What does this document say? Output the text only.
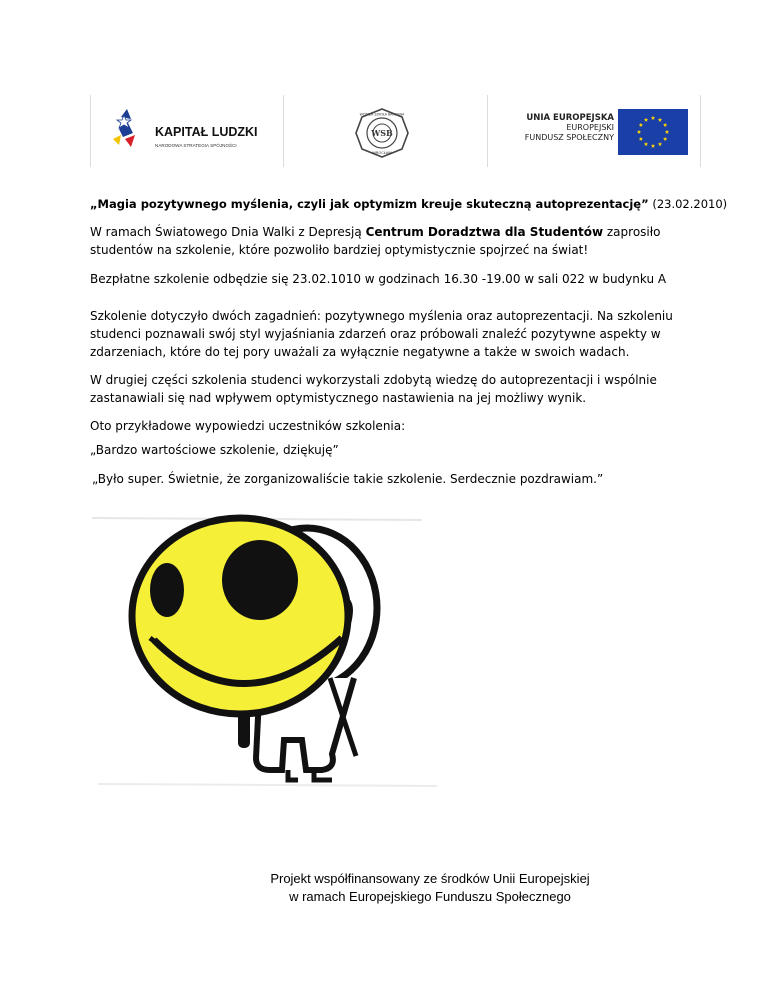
KAPITAŁ LUDZKI
NARODOWA STRATEGIA SPÓJNOŚCI
WSB
WYŻSZA SZKOŁA BANKOWA
WROCŁAW
UNIA EUROPEJSKA
EUROPEJSKI
FUNDUSZ SPOŁECZNY

„Magia pozytywnego myślenia, czyli jak optymizm kreuje skuteczną autoprezentację” (23.02.2010)

W ramach Światowego Dnia Walki z Depresją Centrum Doradztwa dla Studentów zaprosiło studentów na szkolenie, które pozwoliło bardziej optymistycznie spojrzeć na świat!

Bezpłatne szkolenie odbędzie się 23.02.1010 w godzinach 16.30 -19.00 w sali 022 w budynku A

Szkolenie dotyczyło dwóch zagadnień: pozytywnego myślenia oraz autoprezentacji. Na szkoleniu studenci poznawali swój styl wyjaśniania zdarzeń oraz próbowali znaleźć pozytywne aspekty w zdarzeniach, które do tej pory uważali za wyłącznie negatywne a także w swoich wadach.

W drugiej części szkolenia studenci wykorzystali zdobytą wiedzę do autoprezentacji i wspólnie zastanawiali się nad wpływem optymistycznego nastawienia na jej możliwy wynik.

Oto przykładowe wypowiedzi uczestników szkolenia:

„Bardzo wartościowe szkolenie, dziękuję”

„Było super. Świetnie, że zorganizowaliście takie szkolenie. Serdecznie pozdrawiam.”

Projekt współfinansowany ze środków Unii Europejskiej
w ramach Europejskiego Funduszu Społecznego
